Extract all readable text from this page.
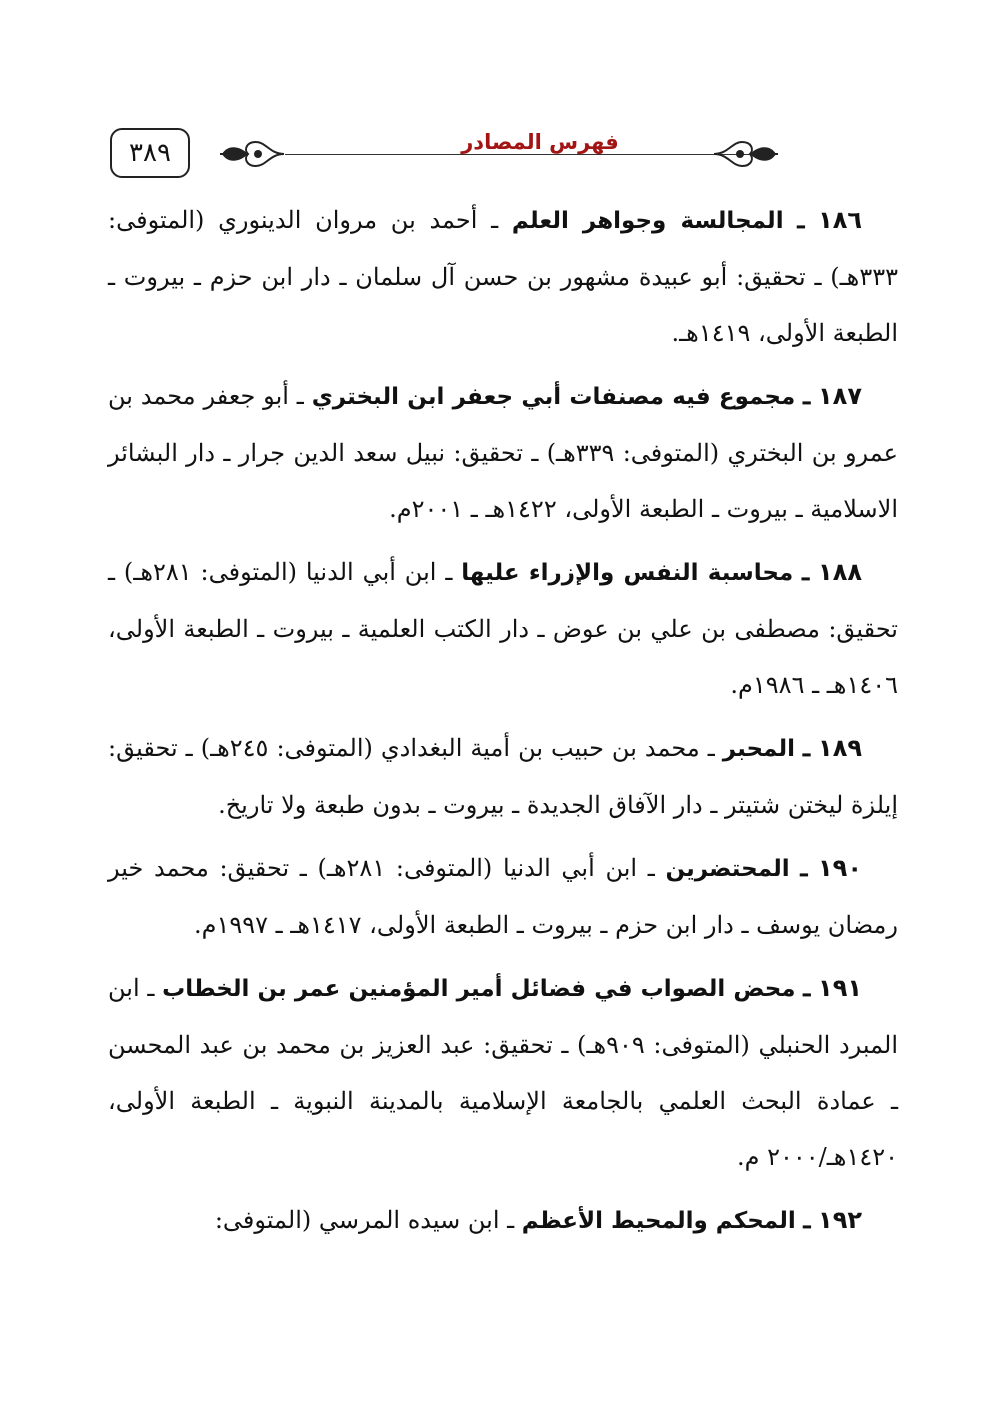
٣٨٩	فهرس المصادر

١٨٦ ـ المجالسة وجواهر العلم ـ أحمد بن مروان الدينوري (المتوفى: ٣٣٣هـ) ـ تحقيق: أبو عبيدة مشهور بن حسن آل سلمان ـ دار ابن حزم ـ بيروت ـ الطبعة الأولى، ١٤١٩هـ.

١٨٧ ـ مجموع فيه مصنفات أبي جعفر ابن البختري ـ أبو جعفر محمد بن عمرو بن البختري (المتوفى: ٣٣٩هـ) ـ تحقيق: نبيل سعد الدين جرار ـ دار البشائر الاسلامية ـ بيروت ـ الطبعة الأولى، ١٤٢٢هـ ـ ٢٠٠١م.

١٨٨ ـ محاسبة النفس والإزراء عليها ـ ابن أبي الدنيا (المتوفى: ٢٨١هـ) ـ تحقيق: مصطفى بن علي بن عوض ـ دار الكتب العلمية ـ بيروت ـ الطبعة الأولى، ١٤٠٦هـ ـ ١٩٨٦م.

١٨٩ ـ المحبر ـ محمد بن حبيب بن أمية البغدادي (المتوفى: ٢٤٥هـ) ـ تحقيق: إيلزة ليختن شتيتر ـ دار الآفاق الجديدة ـ بيروت ـ بدون طبعة ولا تاريخ.

١٩٠ ـ المحتضرين ـ ابن أبي الدنيا (المتوفى: ٢٨١هـ) ـ تحقيق: محمد خير رمضان يوسف ـ دار ابن حزم ـ بيروت ـ الطبعة الأولى، ١٤١٧هـ ـ ١٩٩٧م.

١٩١ ـ محض الصواب في فضائل أمير المؤمنين عمر بن الخطاب ـ ابن المبرد الحنبلي (المتوفى: ٩٠٩هـ) ـ تحقيق: عبد العزيز بن محمد بن عبد المحسن ـ عمادة البحث العلمي بالجامعة الإسلامية بالمدينة النبوية ـ الطبعة الأولى، ١٤٢٠هـ/٢٠٠٠ م.

١٩٢ ـ المحكم والمحيط الأعظم ـ ابن سيده المرسي (المتوفى:
